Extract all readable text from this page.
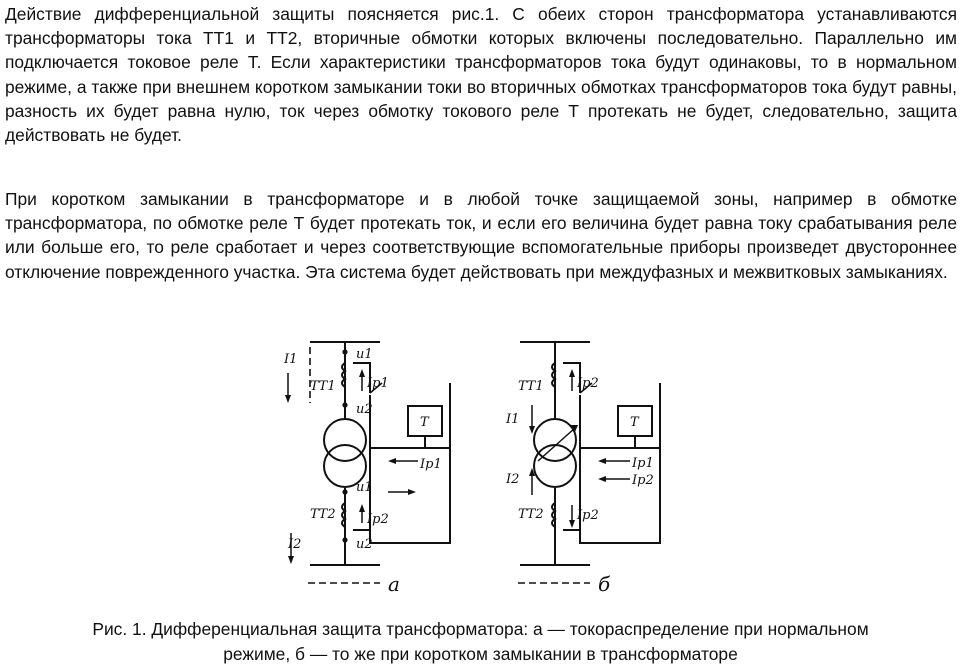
Действие дифференциальной защиты поясняется рис.1. С обеих сторон трансформатора устанавливаются трансформаторы тока ТТ1 и ТТ2, вторичные обмотки которых включены последовательно. Параллельно им подключается токовое реле Т. Если характеристики трансформаторов тока будут одинаковы, то в нормальном режиме, а также при внешнем коротком замыкании токи во вторичных обмотках трансформаторов тока будут равны, разность их будет равна нулю, ток через обмотку токового реле Т протекать не будет, следовательно, защита действовать не будет.

При коротком замыкании в трансформаторе и в любой точке защищаемой зоны, например в обмотке трансформатора, по обмотке реле Т будет протекать ток, и если его величина будет равна току срабатывания реле или больше его, то реле сработает и через соответствующие вспомогательные приборы произведет двустороннее отключение поврежденного участка. Эта система будет действовать при междуфазных и межвитковых замыканиях.

I1
ТТ1
u1
u2
Iр1
Т
Iр1
u1
ТТ2 Iр2
u2
I2
а
ТТ1	Iр2
I1	Т
Iр1
Iр2
I2
ТТ2	Iр2
б
Рис. 1. Дифференциальная защита трансформатора: а — токораспределение при нормальном
режиме, б — то же при коротком замыкании в трансформаторе
